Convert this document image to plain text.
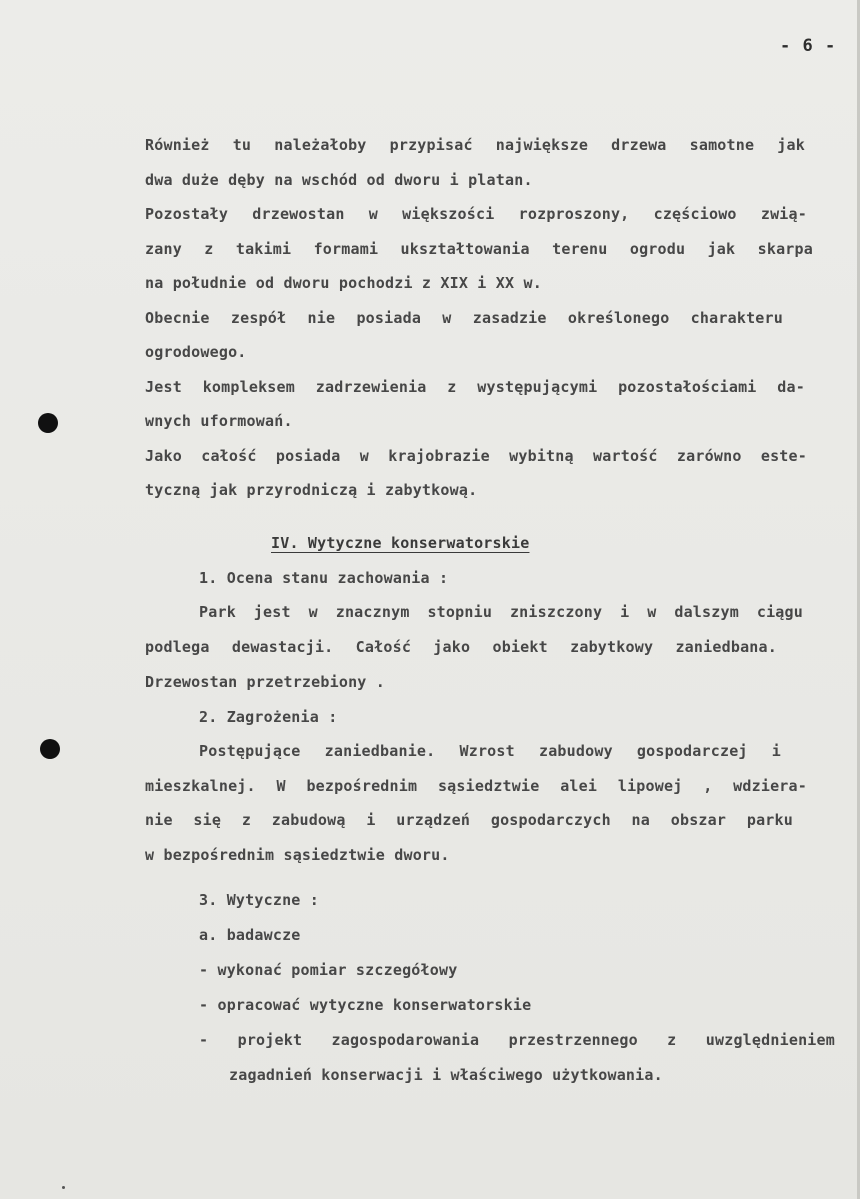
- 6 -
Również tu należałoby przypisać największe drzewa samotne jak
dwa duże dęby na wschód od dworu i platan.
Pozostały drzewostan w większości rozproszony, częściowo zwią-
zany z takimi formami ukształtowania terenu ogrodu jak skarpa
na południe od dworu pochodzi z XIX i XX w.
Obecnie zespół nie posiada w zasadzie określonego charakteru
ogrodowego.
Jest kompleksem zadrzewienia z występującymi pozostałościami da-
wnych uformowań.
Jako całość posiada w krajobrazie wybitną wartość zarówno este-
tyczną jak przyrodniczą i zabytkową.
IV. Wytyczne konserwatorskie
1. Ocena stanu zachowania :
Park jest w znacznym stopniu zniszczony i w dalszym ciągu
podlega dewastacji. Całość jako obiekt zabytkowy zaniedbana.
Drzewostan przetrzebiony .
2. Zagrożenia :
Postępujące zaniedbanie. Wzrost zabudowy gospodarczej i
mieszkalnej. W bezpośrednim sąsiedztwie alei lipowej , wdziera-
nie się z zabudową i urządzeń gospodarczych na obszar parku
w bezpośrednim sąsiedztwie dworu.
3. Wytyczne :
a. badawcze
- wykonać pomiar szczegółowy
- opracować wytyczne konserwatorskie
- projekt zagospodarowania przestrzennego z uwzględnieniem
zagadnień konserwacji i właściwego użytkowania.
